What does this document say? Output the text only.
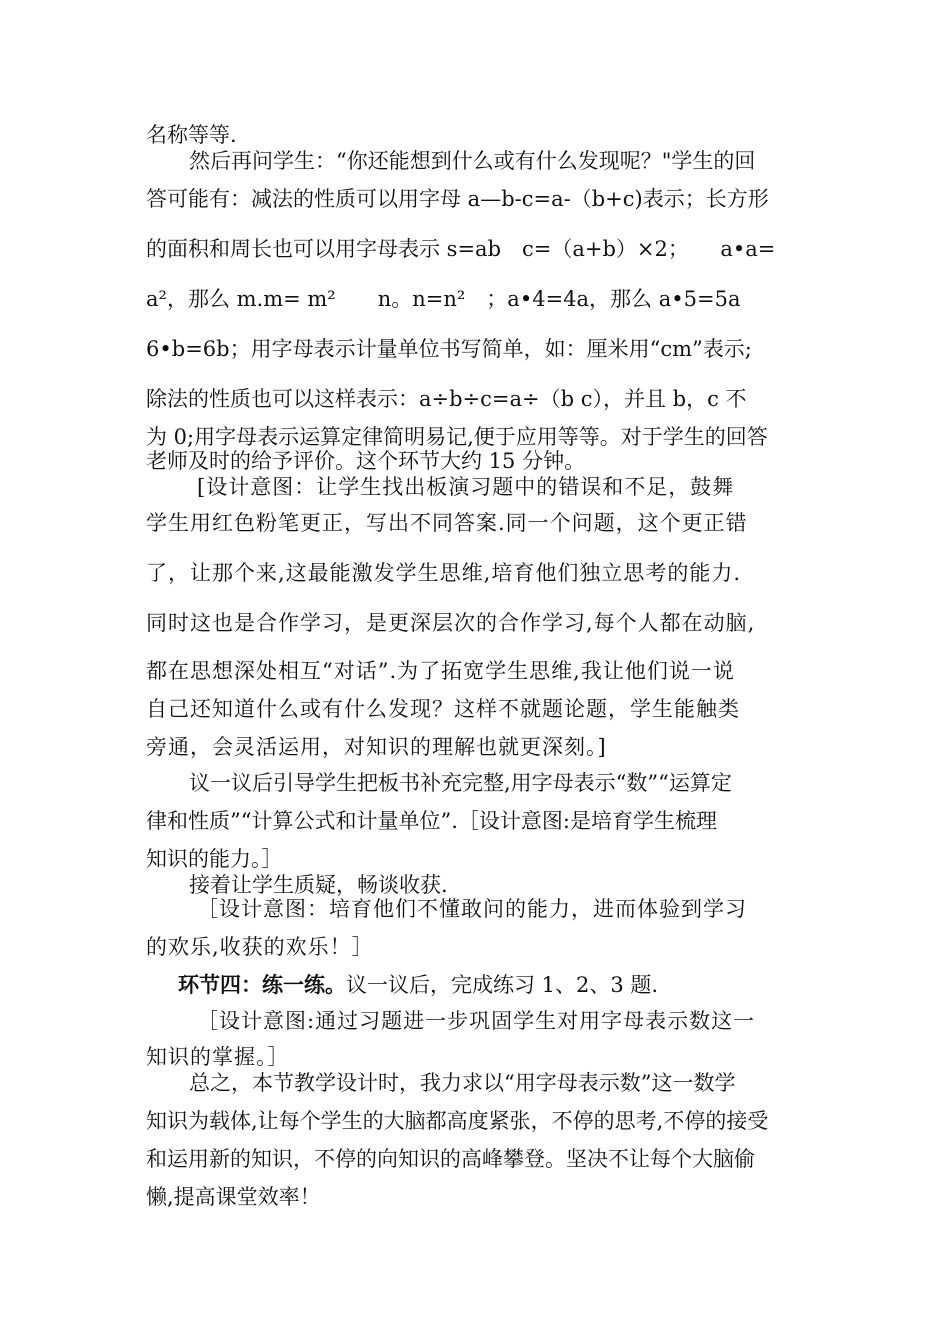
名称等等.
然后再问学生：“你还能想到什么或有什么发现呢？"学生的回
答可能有：减法的性质可以用字母 a—b-c=a-（b+c)表示；长方形
的面积和周长也可以用字母表示 s=ab　c=（a+b）×2；　　a•a=
a²，那么 m.m= m²　　n。n=n²　；a•4=4a，那么 a•5=5a
6•b=6b；用字母表示计量单位书写简单，如：厘米用“cm”表示;
除法的性质也可以这样表示：a÷b÷c=a÷（b c），并且 b，c 不
为 0;用字母表示运算定律简明易记,便于应用等等。对于学生的回答
老师及时的给予评价。这个环节大约 15 分钟。
[设计意图：让学生找出板演习题中的错误和不足，鼓舞
学生用红色粉笔更正，写出不同答案.同一个问题，这个更正错
了，让那个来,这最能激发学生思维,培育他们独立思考的能力.
同时这也是合作学习，是更深层次的合作学习,每个人都在动脑,
都在思想深处相互“对话”.为了拓宽学生思维,我让他们说一说
自己还知道什么或有什么发现？这样不就题论题，学生能触类
旁通，会灵活运用，对知识的理解也就更深刻。]
议一议后引导学生把板书补充完整,用字母表示“数”“运算定
律和性质”“计算公式和计量单位”.［设计意图:是培育学生梳理
知识的能力。］
接着让学生质疑，畅谈收获.
［设计意图：培育他们不懂敢问的能力，进而体验到学习
的欢乐,收获的欢乐！］
环节四：练一练。议一议后，完成练习 1、2、3 题.
［设计意图:通过习题进一步巩固学生对用字母表示数这一
知识的掌握。］
总之，本节教学设计时，我力求以“用字母表示数”这一数学
知识为载体,让每个学生的大脑都高度紧张，不停的思考,不停的接受
和运用新的知识，不停的向知识的高峰攀登。坚决不让每个大脑偷
懒,提高课堂效率！
